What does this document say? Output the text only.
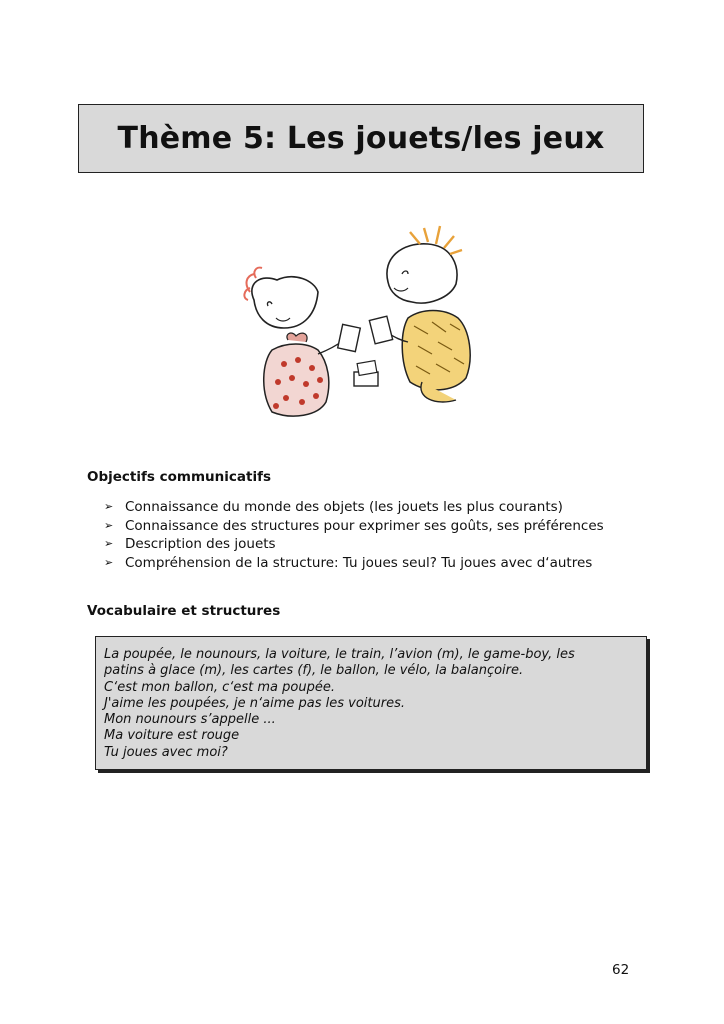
Thème 5: Les jouets/les jeux
Objectifs communicatifs
➢ Connaissance du monde des objets (les jouets les plus courants)
➢ Connaissance des structures pour exprimer ses goûts, ses préférences
➢ Description des jouets
➢ Compréhension de la structure: Tu joues seul? Tu joues avec d‘autres
Vocabulaire et structures
La poupée, le nounours, la voiture, le train, l’avion (m), le game-boy, les
patins à glace (m), les cartes (f), le ballon, le vélo, la balançoire.
C‘est mon ballon, c‘est ma poupée.
J'aime les poupées, je n‘aime pas les voitures.
Mon nounours s’appelle ...
Ma voiture est rouge
Tu joues avec moi?
62
